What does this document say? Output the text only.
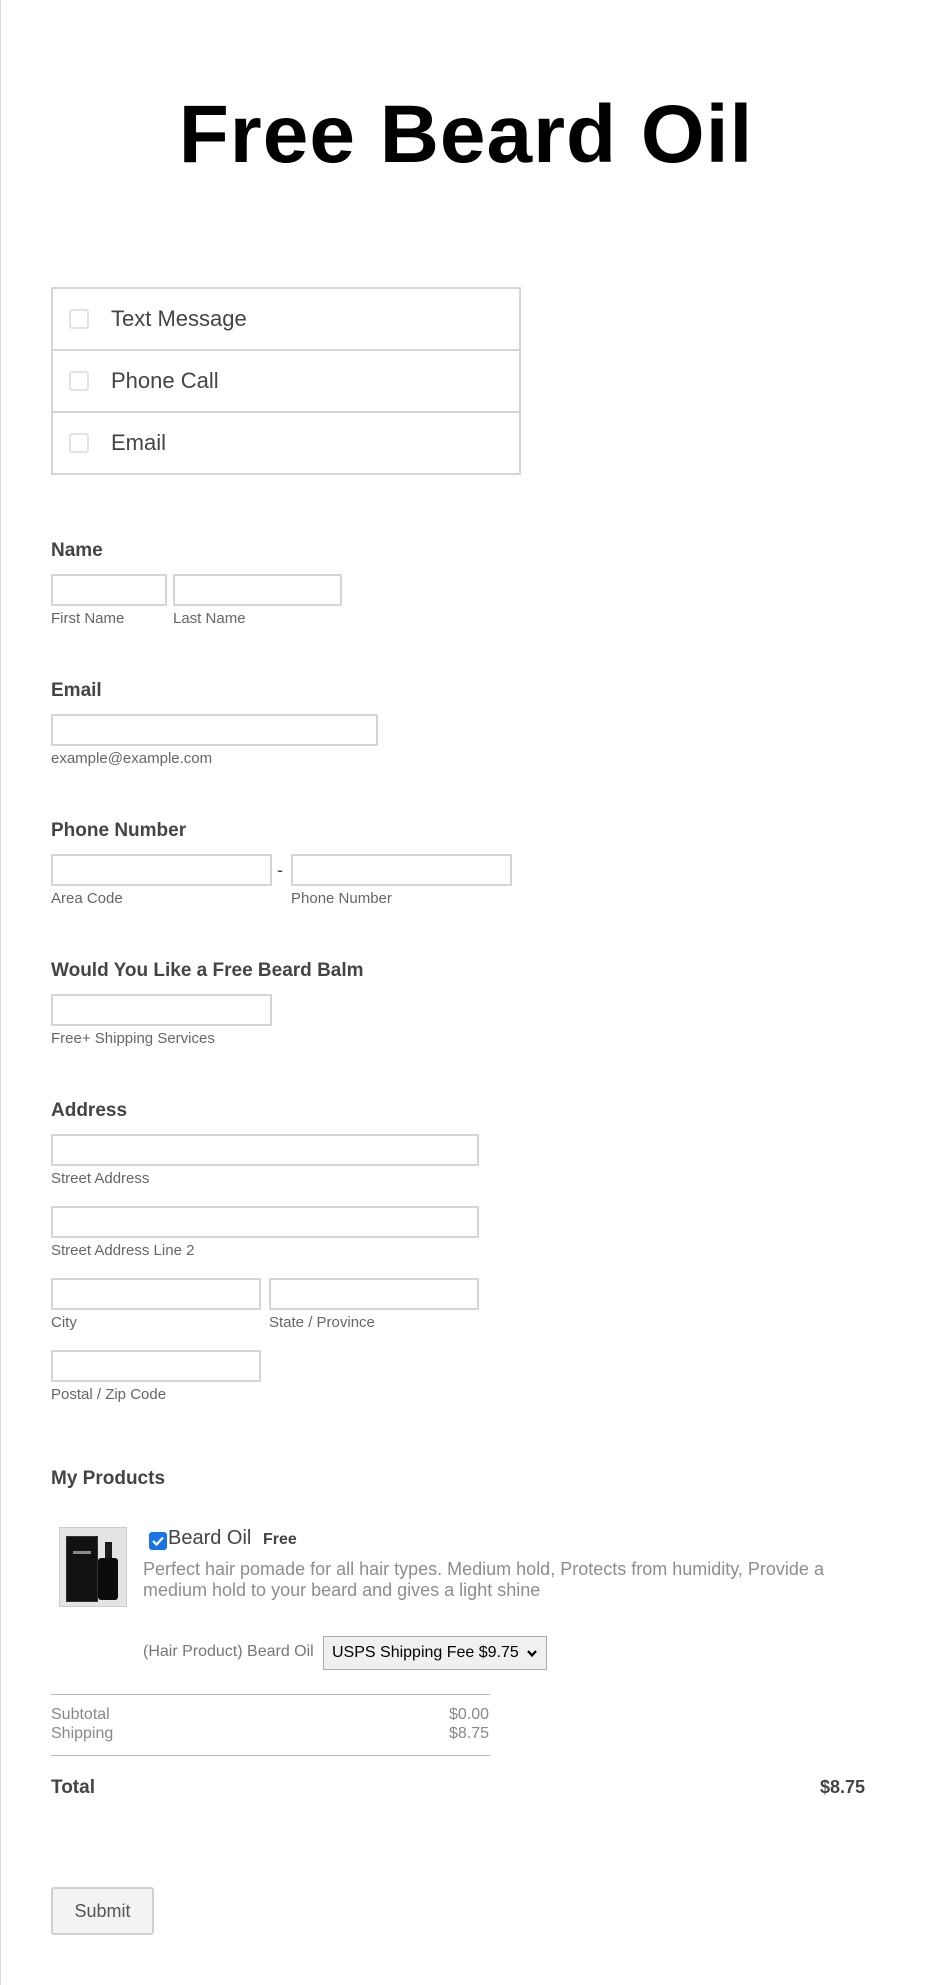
Free Beard Oil
Text Message
Phone Call
Email
Name
First Name	Last Name
Email
example@example.com
Phone Number
-
Area Code	Phone Number
Would You Like a Free Beard Balm
Free+ Shipping Services
Address
Street Address
Street Address Line 2
City	State / Province
Postal / Zip Code
My Products
Beard Oil Free
Perfect hair pomade for all hair types. Medium hold, Protects from humidity, Provide a medium hold to your beard and gives a light shine
(Hair Product) Beard Oil USPS Shipping Fee $9.75
Subtotal	$0.00
Shipping	$8.75
Total	$8.75
Submit
